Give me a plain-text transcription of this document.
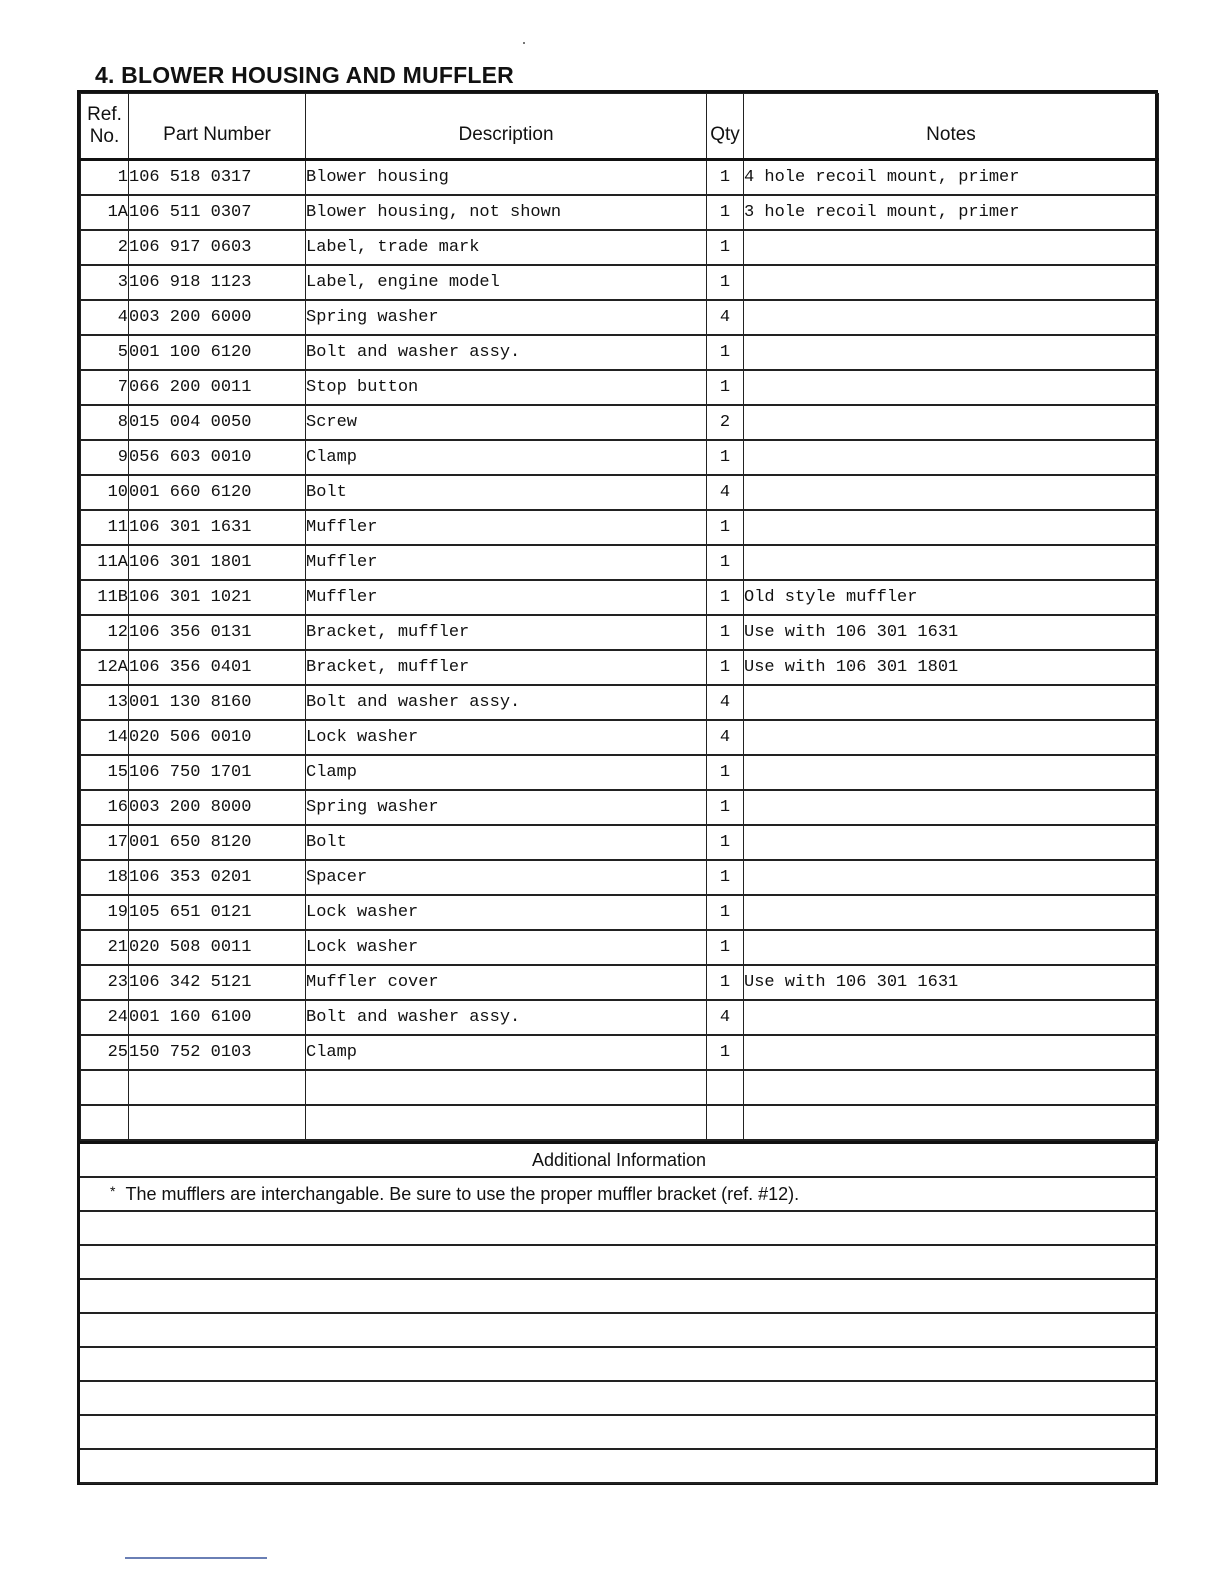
4. BLOWER HOUSING AND MUFFLER
Ref.
No.	Part Number	Description	Qty	Notes
1	106 518 0317	Blower housing	1	4 hole recoil mount, primer
1A	106 511 0307	Blower housing, not shown	1	3 hole recoil mount, primer
2	106 917 0603	Label, trade mark	1	
3	106 918 1123	Label, engine model	1	
4	003 200 6000	Spring washer	4	
5	001 100 6120	Bolt and washer assy.	1	
7	066 200 0011	Stop button	1	
8	015 004 0050	Screw	2	
9	056 603 0010	Clamp	1	
10	001 660 6120	Bolt	4	
11	106 301 1631	Muffler	1	
11A	106 301 1801	Muffler	1	
11B	106 301 1021	Muffler	1	Old style muffler
12	106 356 0131	Bracket, muffler	1	Use with 106 301 1631
12A	106 356 0401	Bracket, muffler	1	Use with 106 301 1801
13	001 130 8160	Bolt and washer assy.	4	
14	020 506 0010	Lock washer	4	
15	106 750 1701	Clamp	1	
16	003 200 8000	Spring washer	1	
17	001 650 8120	Bolt	1	
18	106 353 0201	Spacer	1	
19	105 651 0121	Lock washer	1	
21	020 508 0011	Lock washer	1	
23	106 342 5121	Muffler cover	1	Use with 106 301 1631
24	001 160 6100	Bolt and washer assy.	4	
25	150 752 0103	Clamp	1	

Additional Information
* The mufflers are interchangable. Be sure to use the proper muffler bracket (ref. #12).
